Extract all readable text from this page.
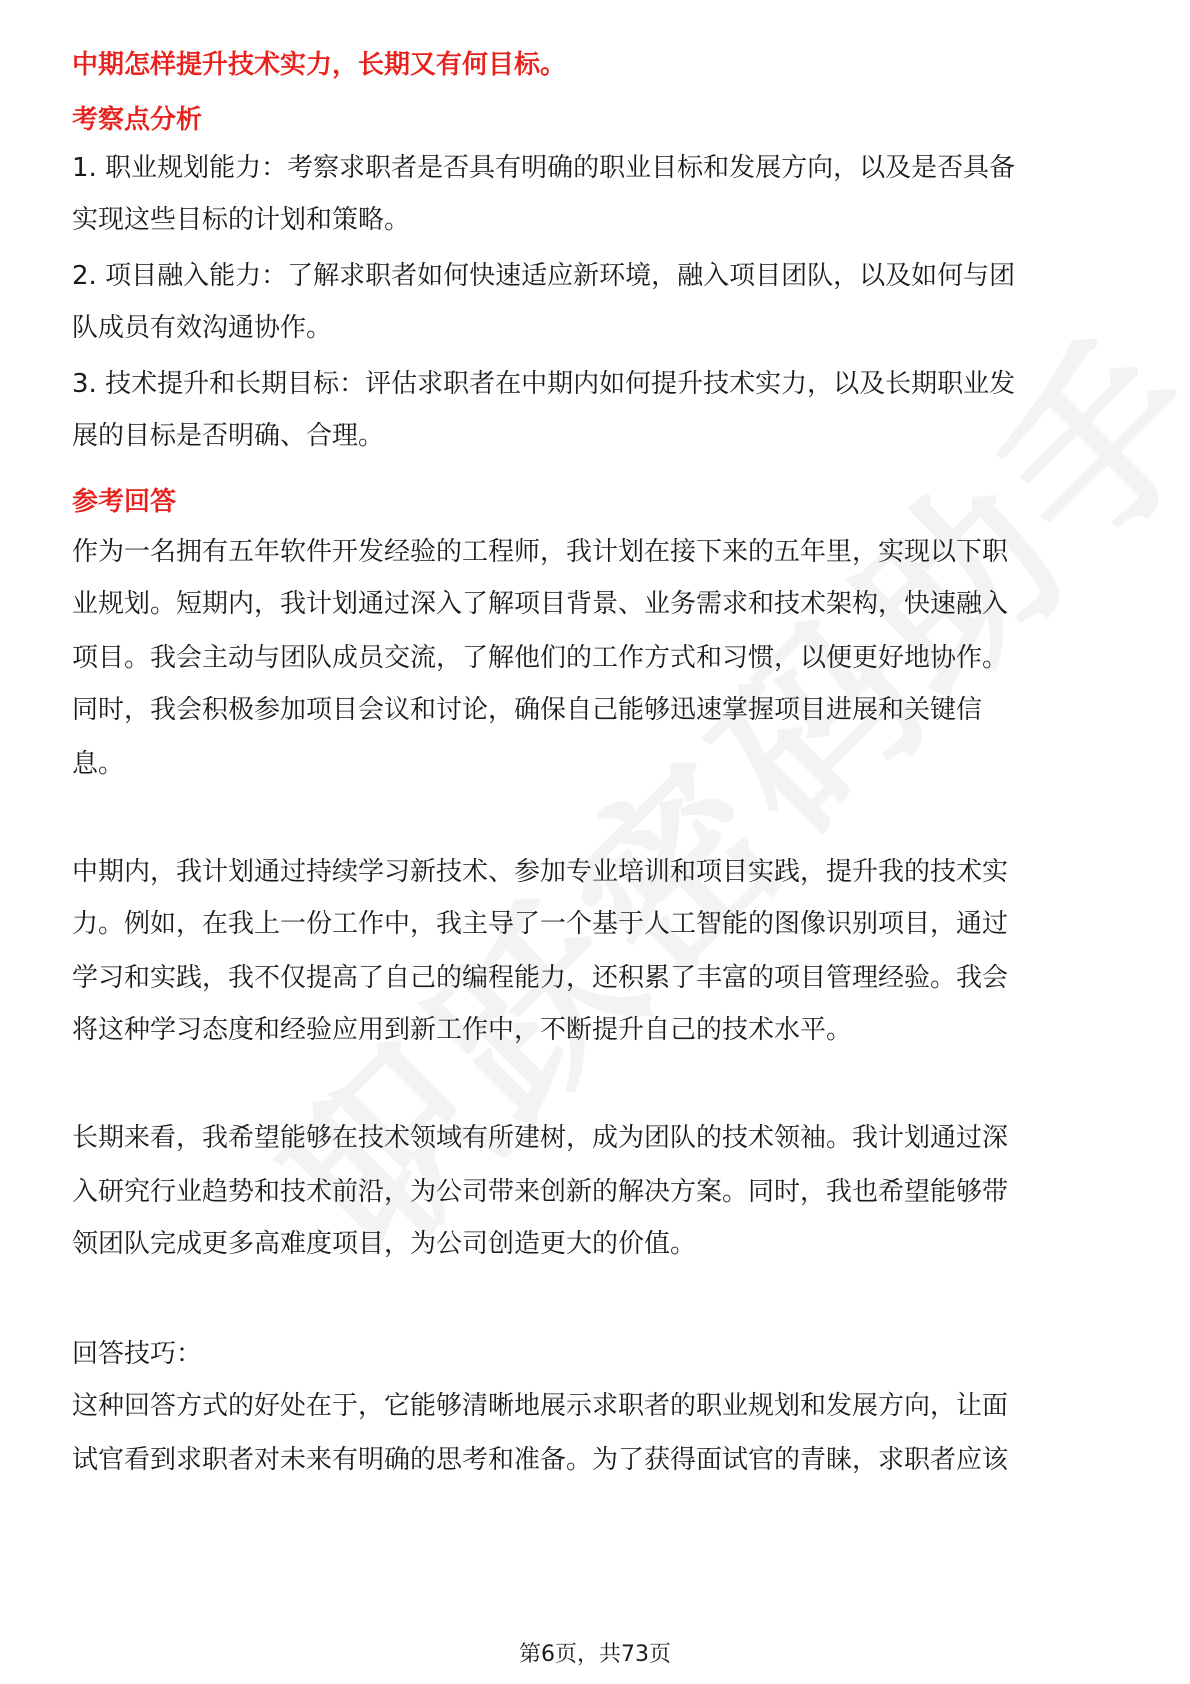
中期怎样提升技术实力，长期又有何目标。

考察点分析

1. 职业规划能力：考察求职者是否具有明确的职业目标和发展方向，以及是否具备

实现这些目标的计划和策略。

2. 项目融入能力：了解求职者如何快速适应新环境，融入项目团队，以及如何与团

队成员有效沟通协作。

3. 技术提升和长期目标：评估求职者在中期内如何提升技术实力，以及长期职业发

展的目标是否明确、合理。

参考回答

作为一名拥有五年软件开发经验的工程师，我计划在接下来的五年里，实现以下职

业规划。短期内，我计划通过深入了解项目背景、业务需求和技术架构，快速融入

项目。我会主动与团队成员交流，了解他们的工作方式和习惯，以便更好地协作。

同时，我会积极参加项目会议和讨论，确保自己能够迅速掌握项目进展和关键信

息。

中期内，我计划通过持续学习新技术、参加专业培训和项目实践，提升我的技术实

力。例如，在我上一份工作中，我主导了一个基于人工智能的图像识别项目，通过

学习和实践，我不仅提高了自己的编程能力，还积累了丰富的项目管理经验。我会

将这种学习态度和经验应用到新工作中，不断提升自己的技术水平。

长期来看，我希望能够在技术领域有所建树，成为团队的技术领袖。我计划通过深

入研究行业趋势和技术前沿，为公司带来创新的解决方案。同时，我也希望能够带

领团队完成更多高难度项目，为公司创造更大的价值。

回答技巧：

这种回答方式的好处在于，它能够清晰地展示求职者的职业规划和发展方向，让面

试官看到求职者对未来有明确的思考和准备。为了获得面试官的青睐，求职者应该

第6页，共73页
